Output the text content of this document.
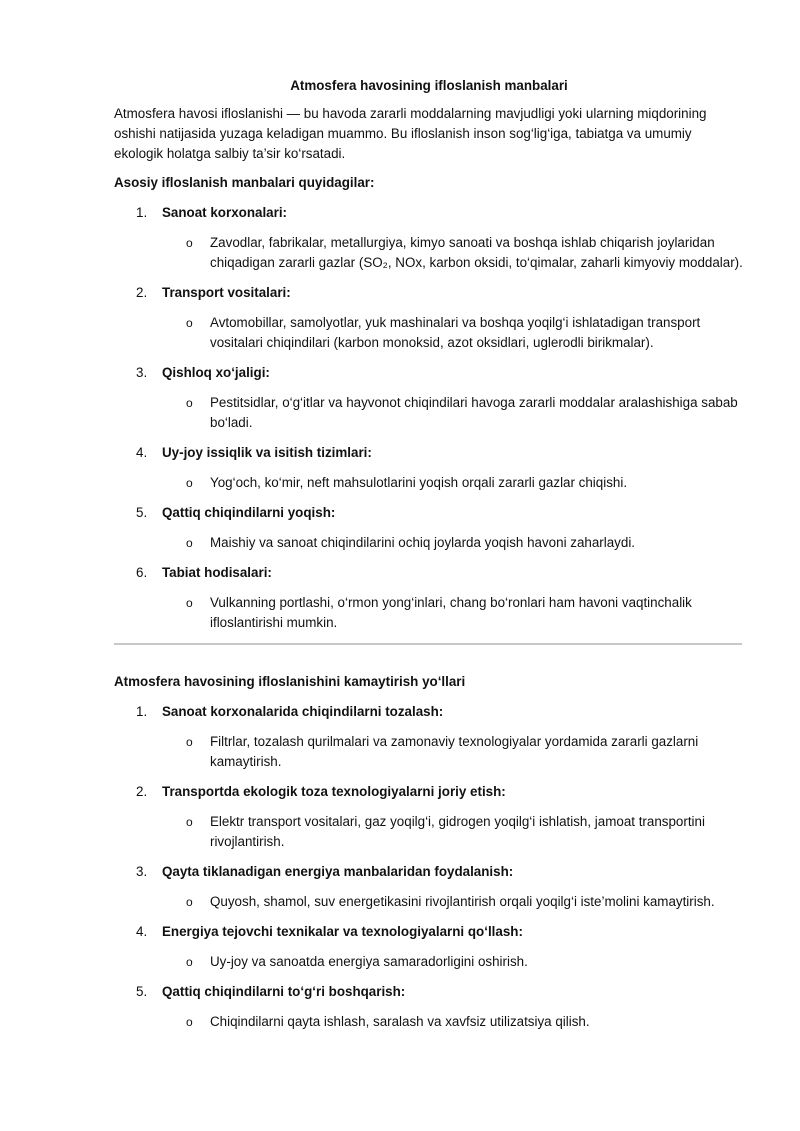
Atmosfera havosining ifloslanish manbalari

Atmosfera havosi ifloslanishi — bu havoda zararli moddalarning mavjudligi yoki ularning miqdorining oshishi natijasida yuzaga keladigan muammo. Bu ifloslanish inson sog‘lig‘iga, tabiatga va umumiy ekologik holatga salbiy ta’sir ko‘rsatadi.

Asosiy ifloslanish manbalari quyidagilar:

1. Sanoat korxonalari:

o Zavodlar, fabrikalar, metallurgiya, kimyo sanoati va boshqa ishlab chiqarish joylaridan chiqadigan zararli gazlar (SO₂, NOx, karbon oksidi, to‘qimalar, zaharli kimyoviy moddalar).

2. Transport vositalari:

o Avtomobillar, samolyotlar, yuk mashinalari va boshqa yoqilg‘i ishlatadigan transport vositalari chiqindilari (karbon monoksid, azot oksidlari, uglerodli birikmalar).

3. Qishloq xo‘jaligi:

o Pestitsidlar, o‘g‘itlar va hayvonot chiqindilari havoga zararli moddalar aralashishiga sabab bo‘ladi.

4. Uy-joy issiqlik va isitish tizimlari:

o Yog‘och, ko‘mir, neft mahsulotlarini yoqish orqali zararli gazlar chiqishi.

5. Qattiq chiqindilarni yoqish:

o Maishiy va sanoat chiqindilarini ochiq joylarda yoqish havoni zaharlaydi.

6. Tabiat hodisalari:

o Vulkanning portlashi, o‘rmon yong‘inlari, chang bo‘ronlari ham havoni vaqtinchalik ifloslantirishi mumkin.

Atmosfera havosining ifloslanishini kamaytirish yo‘llari

1. Sanoat korxonalarida chiqindilarni tozalash:

o Filtrlar, tozalash qurilmalari va zamonaviy texnologiyalar yordamida zararli gazlarni kamaytirish.

2. Transportda ekologik toza texnologiyalarni joriy etish:

o Elektr transport vositalari, gaz yoqilg‘i, gidrogen yoqilg‘i ishlatish, jamoat transportini rivojlantirish.

3. Qayta tiklanadigan energiya manbalaridan foydalanish:

o Quyosh, shamol, suv energetikasini rivojlantirish orqali yoqilg‘i iste’molini kamaytirish.

4. Energiya tejovchi texnikalar va texnologiyalarni qo‘llash:

o Uy-joy va sanoatda energiya samaradorligini oshirish.

5. Qattiq chiqindilarni to‘g‘ri boshqarish:

o Chiqindilarni qayta ishlash, saralash va xavfsiz utilizatsiya qilish.
